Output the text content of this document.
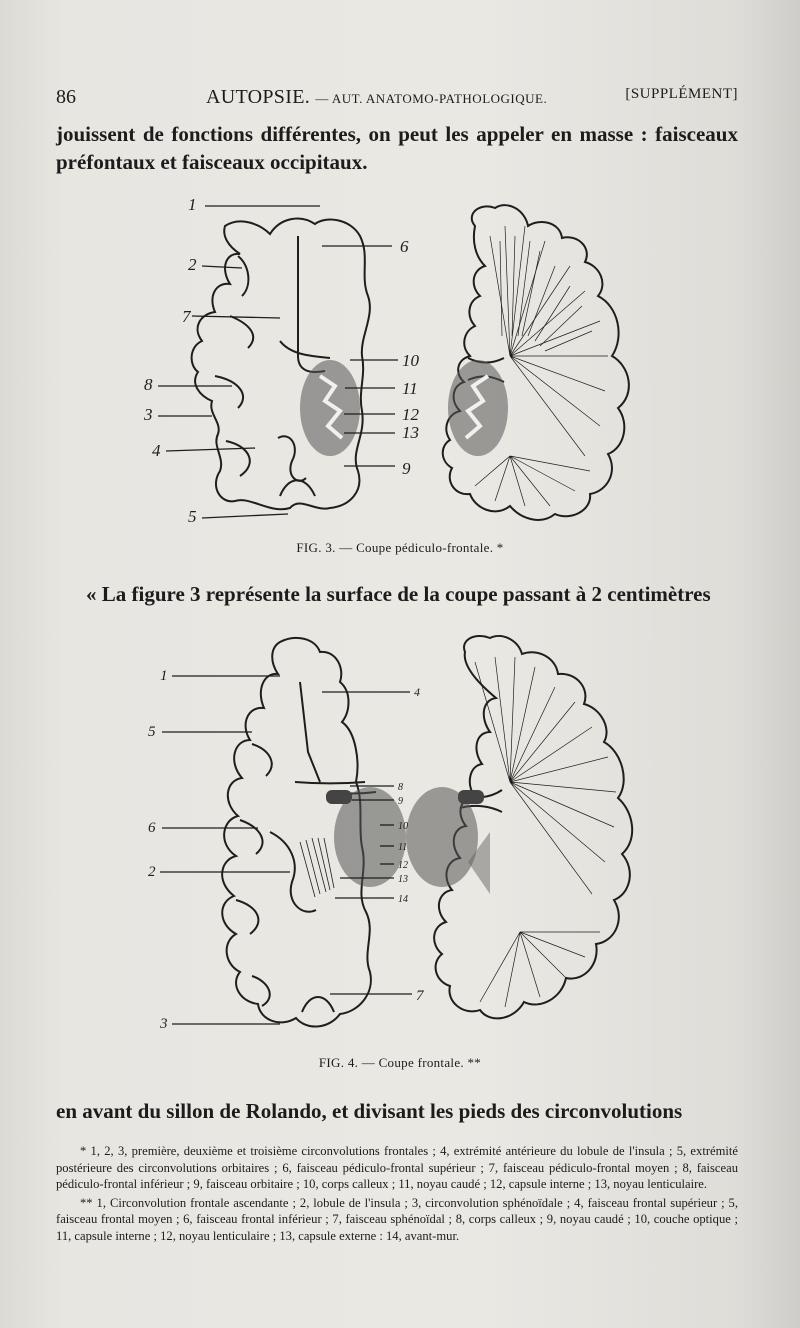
86	AUTOPSIE. — AUT. ANATOMO-PATHOLOGIQUE.	[SUPPLÉMENT]
jouissent de fonctions différentes, on peut les appeler en masse : faisceaux préfontaux et faisceaux occipitaux.
1
2
7
8
3
4
5
6
10
11
12
13
9
FIG. 3. — Coupe pédiculo-frontale. *
« La figure 3 représente la surface de la coupe passant à 2 centimètres
1
5
6
2
3
4
8
9
10
11
12
13
14
7
FIG. 4. — Coupe frontale. **
en avant du sillon de Rolando, et divisant les pieds des circonvolutions

* 1, 2, 3, première, deuxième et troisième circonvolutions frontales ; 4, extrémité antérieure du lobule de l'insula ; 5, extrémité postérieure des circonvolutions orbitaires ; 6, faisceau pédiculo-frontal supérieur ; 7, faisceau pédiculo-frontal moyen ; 8, faisceau pédiculo-frontal inférieur ; 9, faisceau orbitaire ; 10, corps calleux ; 11, noyau caudé ; 12, capsule interne ; 13, noyau lenticulaire.

** 1, Circonvolution frontale ascendante ; 2, lobule de l'insula ; 3, circonvolution sphénoïdale ; 4, faisceau frontal supérieur ; 5, faisceau frontal moyen ; 6, faisceau frontal inférieur ; 7, faisceau sphénoïdal ; 8, corps calleux ; 9, noyau caudé ; 10, couche optique ; 11, capsule interne ; 12, noyau lenticulaire ; 13, capsule externe : 14, avant-mur.
